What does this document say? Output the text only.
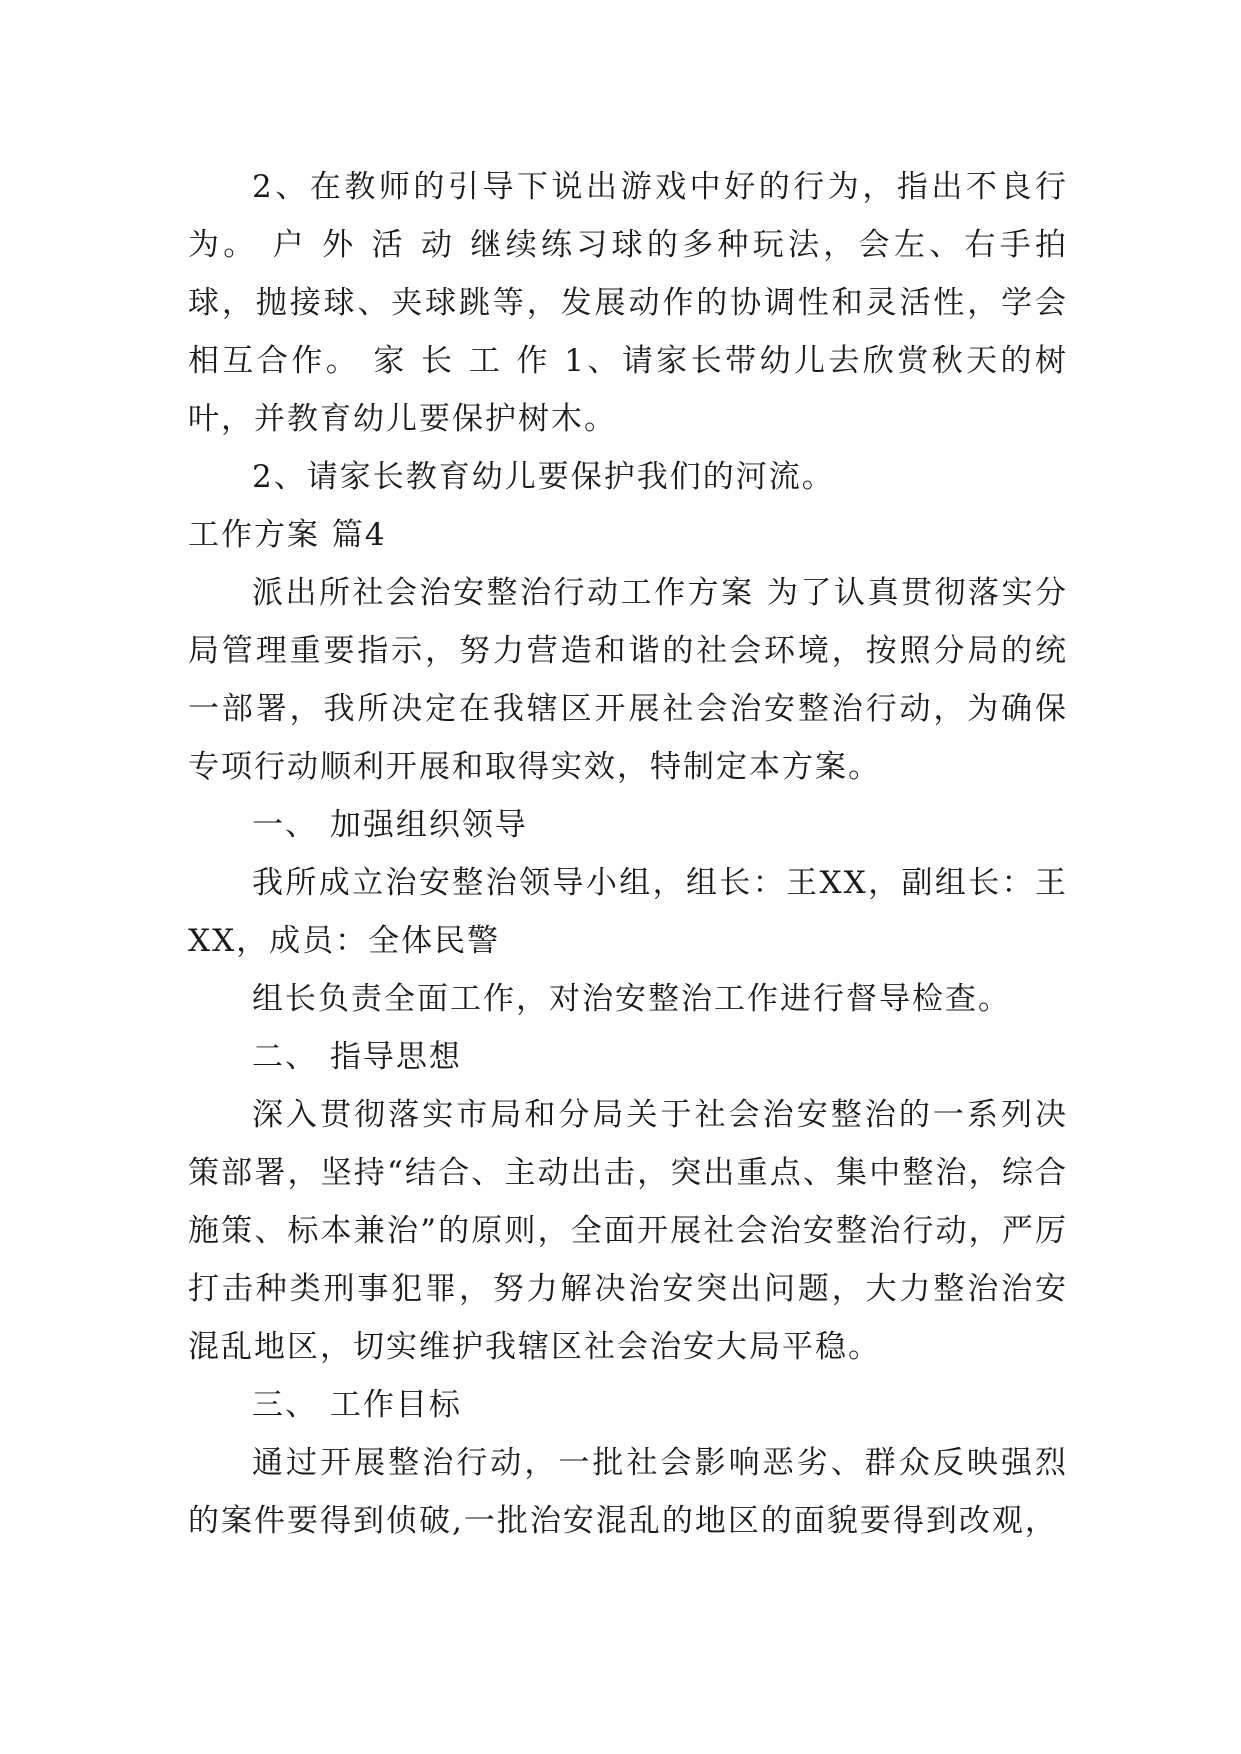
2、在教师的引导下说出游戏中好的行为，指出不良行为。 户 外 活 动 继续练习球的多种玩法，会左、右手拍球，抛接球、夹球跳等，发展动作的协调性和灵活性，学会相互合作。 家 长 工 作 1、请家长带幼儿去欣赏秋天的树叶，并教育幼儿要保护树木。

2、请家长教育幼儿要保护我们的河流。

工作方案 篇4

派出所社会治安整治行动工作方案 为了认真贯彻落实分局管理重要指示，努力营造和谐的社会环境，按照分局的统一部署，我所决定在我辖区开展社会治安整治行动，为确保专项行动顺利开展和取得实效，特制定本方案。

一、 加强组织领导

我所成立治安整治领导小组，组长：王XX，副组长：王XX，成员：全体民警

组长负责全面工作，对治安整治工作进行督导检查。

二、 指导思想

深入贯彻落实市局和分局关于社会治安整治的一系列决策部署，坚持“结合、主动出击，突出重点、集中整治，综合施策、标本兼治”的原则，全面开展社会治安整治行动，严厉打击种类刑事犯罪，努力解决治安突出问题，大力整治治安混乱地区，切实维护我辖区社会治安大局平稳。

三、 工作目标

通过开展整治行动，一批社会影响恶劣、群众反映强烈的案件要得到侦破,一批治安混乱的地区的面貌要得到改观，
